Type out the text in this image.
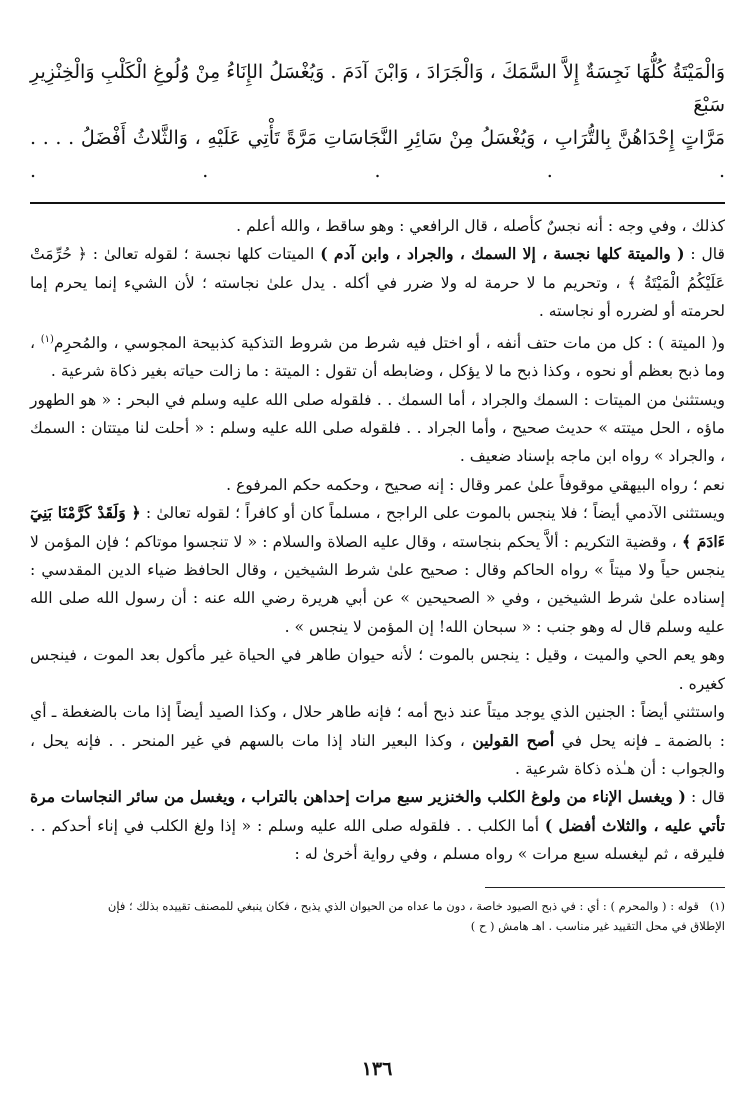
وَالْمَيْتَةُ كُلُّهَا نَجِسَةٌ إِلاَّ السَّمَكَ ، وَالْجَرَادَ ، وَابْنَ آدَمَ . وَيُغْسَلُ الإِنَاءُ مِنْ وُلُوغِ الْكَلْبِ وَالْخِنْزِيرِ سَبْعَ

مَرَّاتٍ إِحْدَاهُنَّ بِالتُّرَابِ ، وَيُغْسَلُ مِنْ سَائِرِ النَّجَاسَاتِ مَرَّةً تَأْتِي عَلَيْهِ ، وَالثَّلاثُ أَفْضَلُ . . . . . . . . .

كذلك ، وفي وجه : أنه نجسٌ كأصله ، قال الرافعي : وهو ساقط ، والله أعلم .

قال : ( والميتة كلها نجسة ، إلا السمك ، والجراد ، وابن آدم ) الميتات كلها نجسة ؛ لقوله تعالىٰ : ﴿ حُرِّمَتْ عَلَيْكُمُ الْمَيْتَةُ ﴾ ، وتحريم ما لا حرمة له ولا ضرر في أكله . يدل علىٰ نجاسته ؛ لأن الشيء إنما يحرم إما لحرمته أو لضرره أو نجاسته .

و( الميتة ) : كل من مات حتف أنفه ، أو اختل فيه شرط من شروط التذكية كذبيحة المجوسي ، والمُحرِم$^{(١)}$ ، وما ذبح بعظم أو نحوه ، وكذا ذبح ما لا يؤكل ، وضابطه أن تقول : الميتة : ما زالت حياته بغير ذكاة شرعية .

ويستثنىٰ من الميتات : السمك والجراد ، أما السمك . . فلقوله صلى الله عليه وسلم في البحر : « هو الطهور ماؤه ، الحل ميتته » حديث صحيح ، وأما الجراد . . فلقوله صلى الله عليه وسلم : « أحلت لنا ميتتان : السمك ، والجراد » رواه ابن ماجه بإسناد ضعيف .

نعم ؛ رواه البيهقي موقوفاً علىٰ عمر وقال : إنه صحيح ، وحكمه حكم المرفوع .

ويستثنى الآدمي أيضاً ؛ فلا ينجس بالموت على الراجح ، مسلماً كان أو كافراً ؛ لقوله تعالىٰ : ﴿ وَلَقَدْ كَرَّمْنَا بَنِيٓ ءَادَمَ ﴾ ، وقضية التكريم : ألاَّ يحكم بنجاسته ، وقال عليه الصلاة والسلام : « لا تنجسوا موتاكم ؛ فإن المؤمن لا ينجس حياً ولا ميتاً » رواه الحاكم وقال : صحيح علىٰ شرط الشيخين ، وقال الحافظ ضياء الدين المقدسي : إسناده علىٰ شرط الشيخين ، وفي « الصحيحين » عن أبي هريرة رضي الله عنه : أن رسول الله صلى الله عليه وسلم قال له وهو جنب : « سبحان الله! إن المؤمن لا ينجس » .

وهو يعم الحي والميت ، وقيل : ينجس بالموت ؛ لأنه حيوان طاهر في الحياة غير مأكول بعد الموت ، فينجس كغيره .

واستثني أيضاً : الجنين الذي يوجد ميتاً عند ذبح أمه ؛ فإنه طاهر حلال ، وكذا الصيد أيضاً إذا مات بالضغطة ـ أي : بالضمة ـ فإنه يحل في أصح القولين ، وكذا البعير الناد إذا مات بالسهم في غير المنحر . . فإنه يحل ، والجواب : أن هـٰذه ذكاة شرعية .

قال : ( ويغسل الإناء من ولوغ الكلب والخنزير سبع مرات إحداهن بالتراب ، ويغسل من سائر النجاسات مرة تأتي عليه ، والثلاث أفضل ) أما الكلب . . فلقوله صلى الله عليه وسلم : « إذا ولغ الكلب في إناء أحدكم . . فليرقه ، ثم ليغسله سبع مرات » رواه مسلم ، وفي رواية أخرىٰ له :

(١)   قوله : ( والمحرم ) : أي : في ذبح الصيود خاصة ، دون ما عداه من الحيوان الذي يذبح ، فكان ينبغي للمصنف تقييده بذلك ؛ فإن

الإطلاق في محل التقييد غير مناسب . اهـ هامش ( ح )

١٣٦
